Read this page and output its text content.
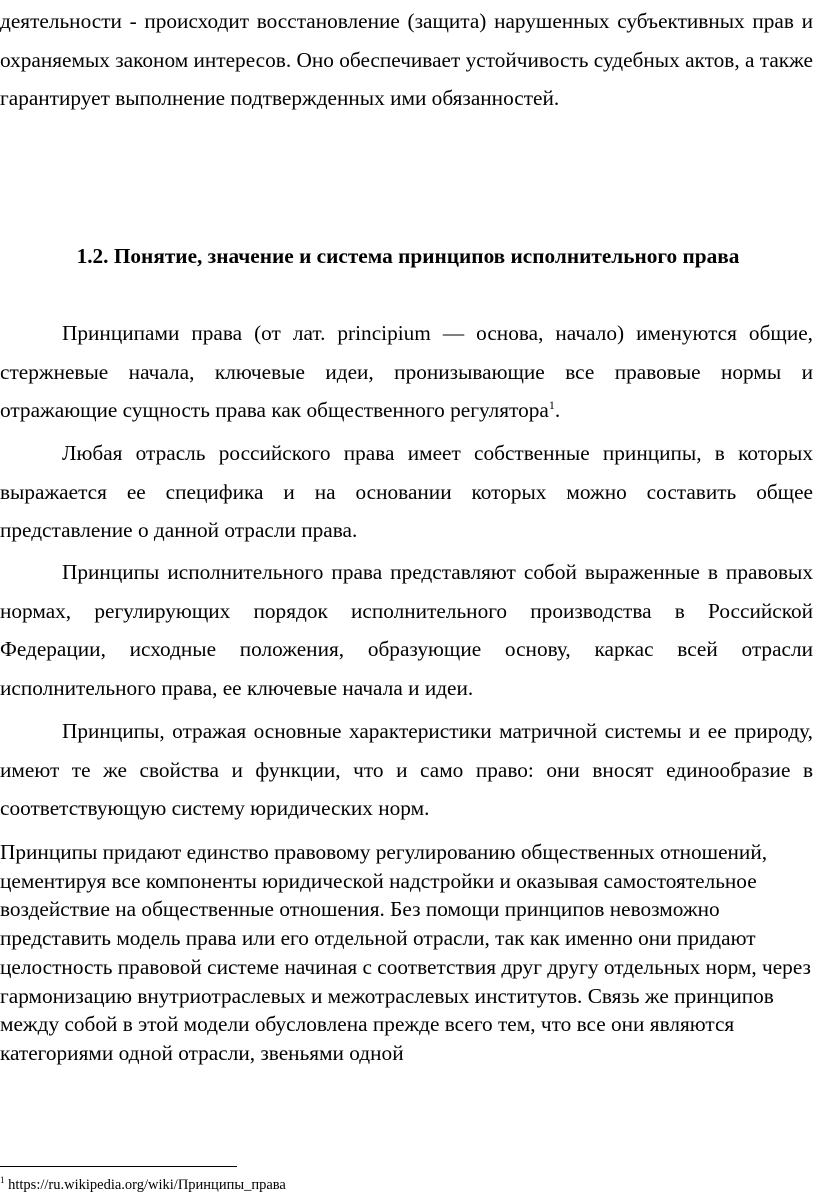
деятельности - происходит восстановление (защита) нарушенных субъективных прав и охраняемых законом интересов. Оно обеспечивает устойчивость судебных актов, а также гарантирует выполнение подтвержденных ими обязанностей.

1.2. Понятие, значение и система принципов исполнительного права

Принципами права (от лат. principium — основа, начало) именуются общие, стержневые начала, ключевые идеи, пронизывающие все правовые нормы и отражающие сущность права как общественного регулятора$^1$.

Любая отрасль российского права имеет собственные принципы, в которых выражается ее специфика и на основании которых можно составить общее представление о данной отрасли права.

Принципы исполнительного права представляют собой выраженные в правовых нормах, регулирующих порядок исполнительного производства в Российской Федерации, исходные положения, образующие основу, каркас всей отрасли исполнительного права, ее ключевые начала и идеи.

Принципы, отражая основные характеристики матричной системы и ее природу, имеют те же свойства и функции, что и само право: они вносят единообразие в соответствующую систему юридических норм.

Принципы придают единство правовому регулированию общественных отношений, цементируя все компоненты юридической надстройки и оказывая самостоятельное воздействие на общественные отношения. Без помощи принципов невозможно представить модель права или его отдельной отрасли, так как именно они придают целостность правовой системе начиная с соответствия друг другу отдельных норм, через гармонизацию внутриотраслевых и межотраслевых институтов. Связь же принципов между собой в этой модели обусловлена прежде всего тем, что все они являются категориями одной отрасли, звеньями одной

$^1$ https://ru.wikipedia.org/wiki/Принципы_права
